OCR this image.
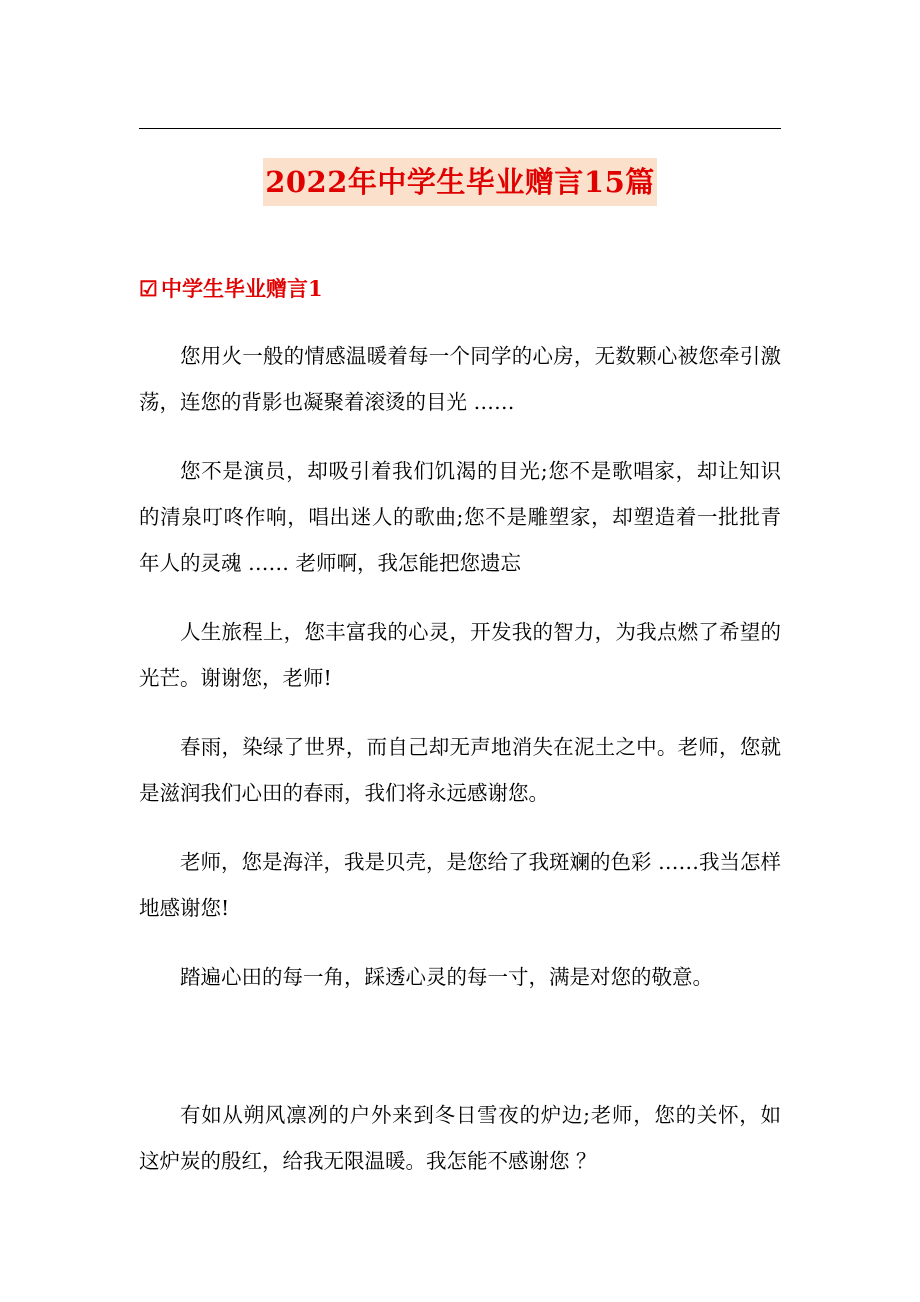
2022年中学生毕业赠言15篇
☑ 中学生毕业赠言1

您用火一般的情感温暖着每一个同学的心房，无数颗心被您牵引激荡，连您的背影也凝聚着滚烫的目光 ……

您不是演员，却吸引着我们饥渴的目光;您不是歌唱家，却让知识的清泉叮咚作响，唱出迷人的歌曲;您不是雕塑家，却塑造着一批批青年人的灵魂 …… 老师啊，我怎能把您遗忘

人生旅程上，您丰富我的心灵，开发我的智力，为我点燃了希望的光芒。谢谢您，老师!

春雨，染绿了世界，而自己却无声地消失在泥土之中。老师，您就是滋润我们心田的春雨，我们将永远感谢您。

老师，您是海洋，我是贝壳，是您给了我斑斓的色彩 ……我当怎样地感谢您!

踏遍心田的每一角，踩透心灵的每一寸，满是对您的敬意。

有如从朔风凛冽的户外来到冬日雪夜的炉边;老师，您的关怀，如这炉炭的殷红，给我无限温暖。我怎能不感谢您 ？
